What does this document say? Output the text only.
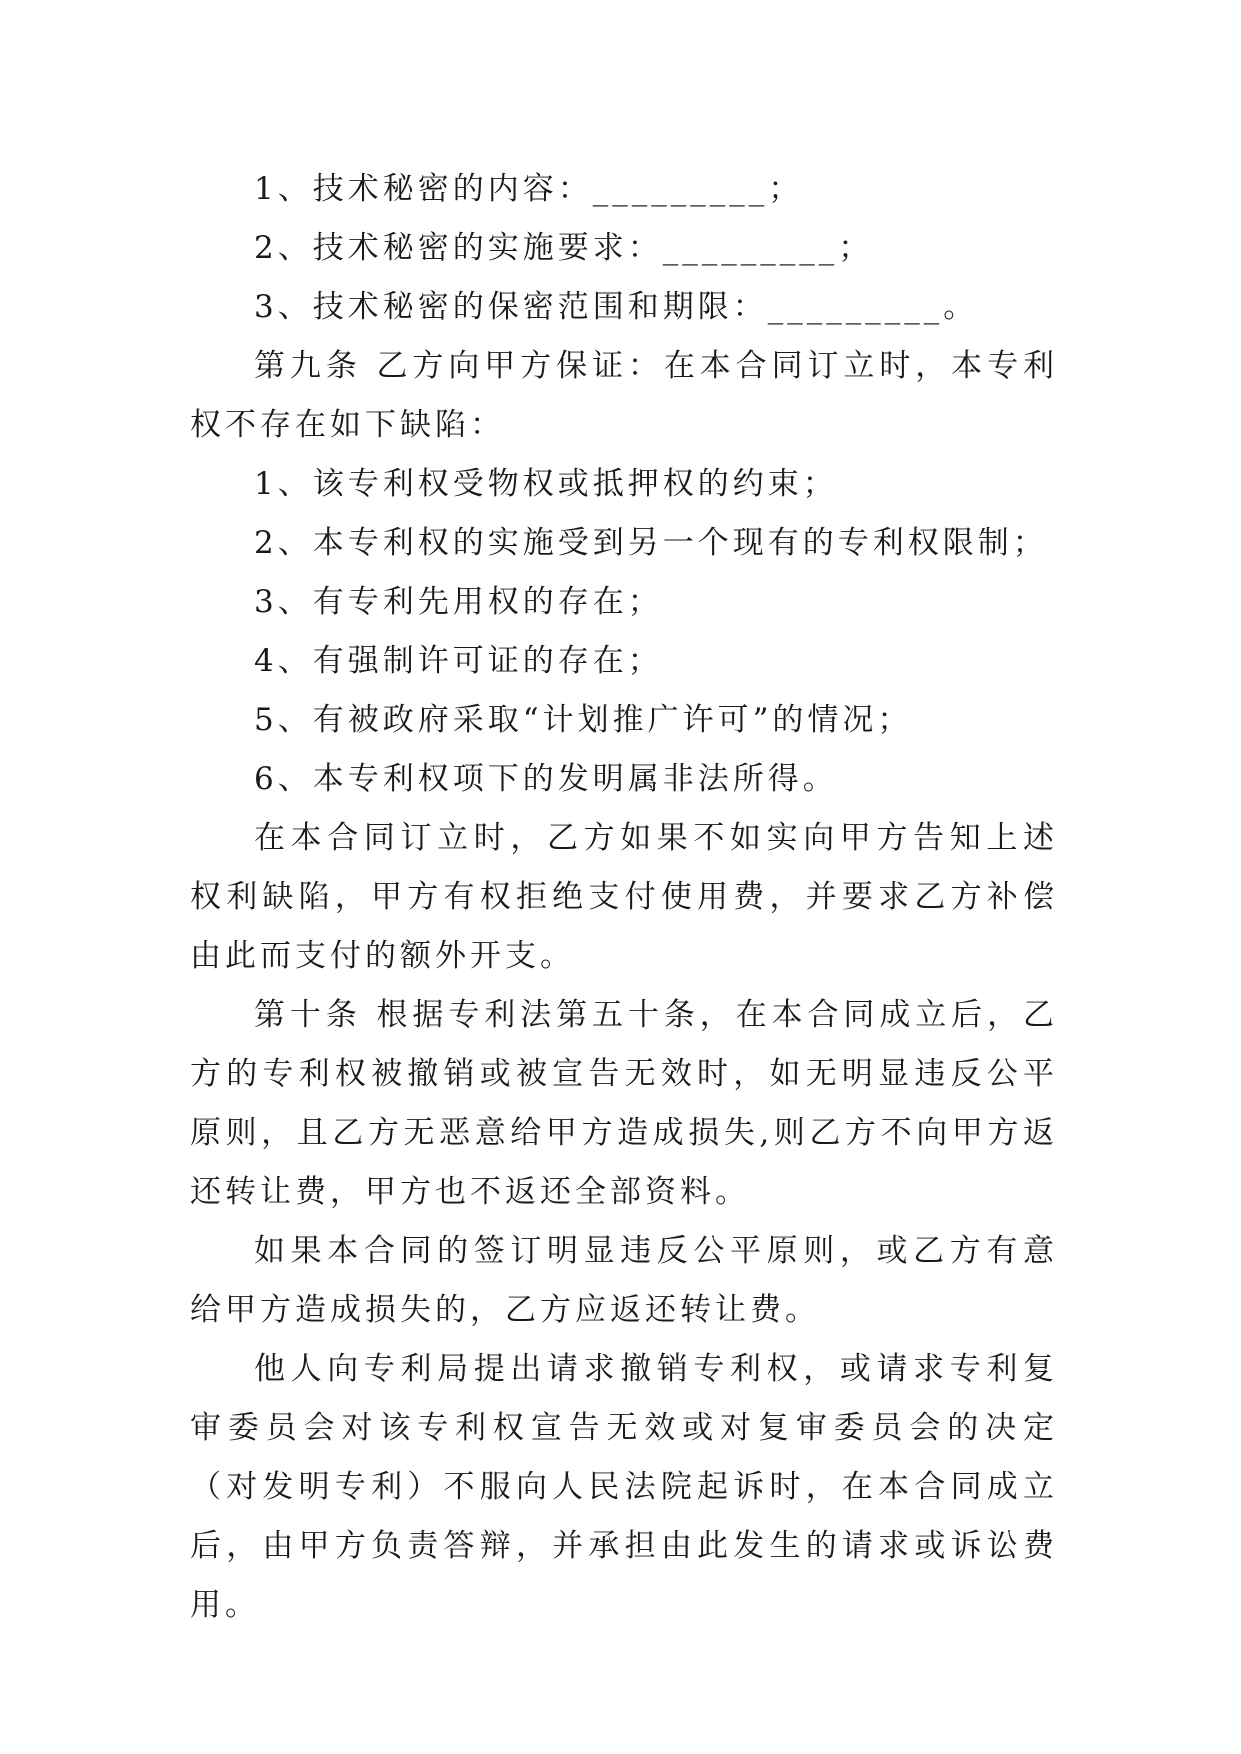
1、技术秘密的内容：_________；

2、技术秘密的实施要求：_________；

3、技术秘密的保密范围和期限：_________。

第九条 乙方向甲方保证：在本合同订立时，本专利权不存在如下缺陷：

1、该专利权受物权或抵押权的约束；

2、本专利权的实施受到另一个现有的专利权限制；

3、有专利先用权的存在；

4、有强制许可证的存在；

5、有被政府采取“计划推广许可”的情况；

6、本专利权项下的发明属非法所得。

在本合同订立时，乙方如果不如实向甲方告知上述权利缺陷，甲方有权拒绝支付使用费，并要求乙方补偿由此而支付的额外开支。

第十条 根据专利法第五十条，在本合同成立后，乙方的专利权被撤销或被宣告无效时，如无明显违反公平原则，且乙方无恶意给甲方造成损失,则乙方不向甲方返还转让费，甲方也不返还全部资料。

如果本合同的签订明显违反公平原则，或乙方有意给甲方造成损失的，乙方应返还转让费。

他人向专利局提出请求撤销专利权，或请求专利复审委员会对该专利权宣告无效或对复审委员会的决定（对发明专利）不服向人民法院起诉时，在本合同成立后，由甲方负责答辩，并承担由此发生的请求或诉讼费用。
